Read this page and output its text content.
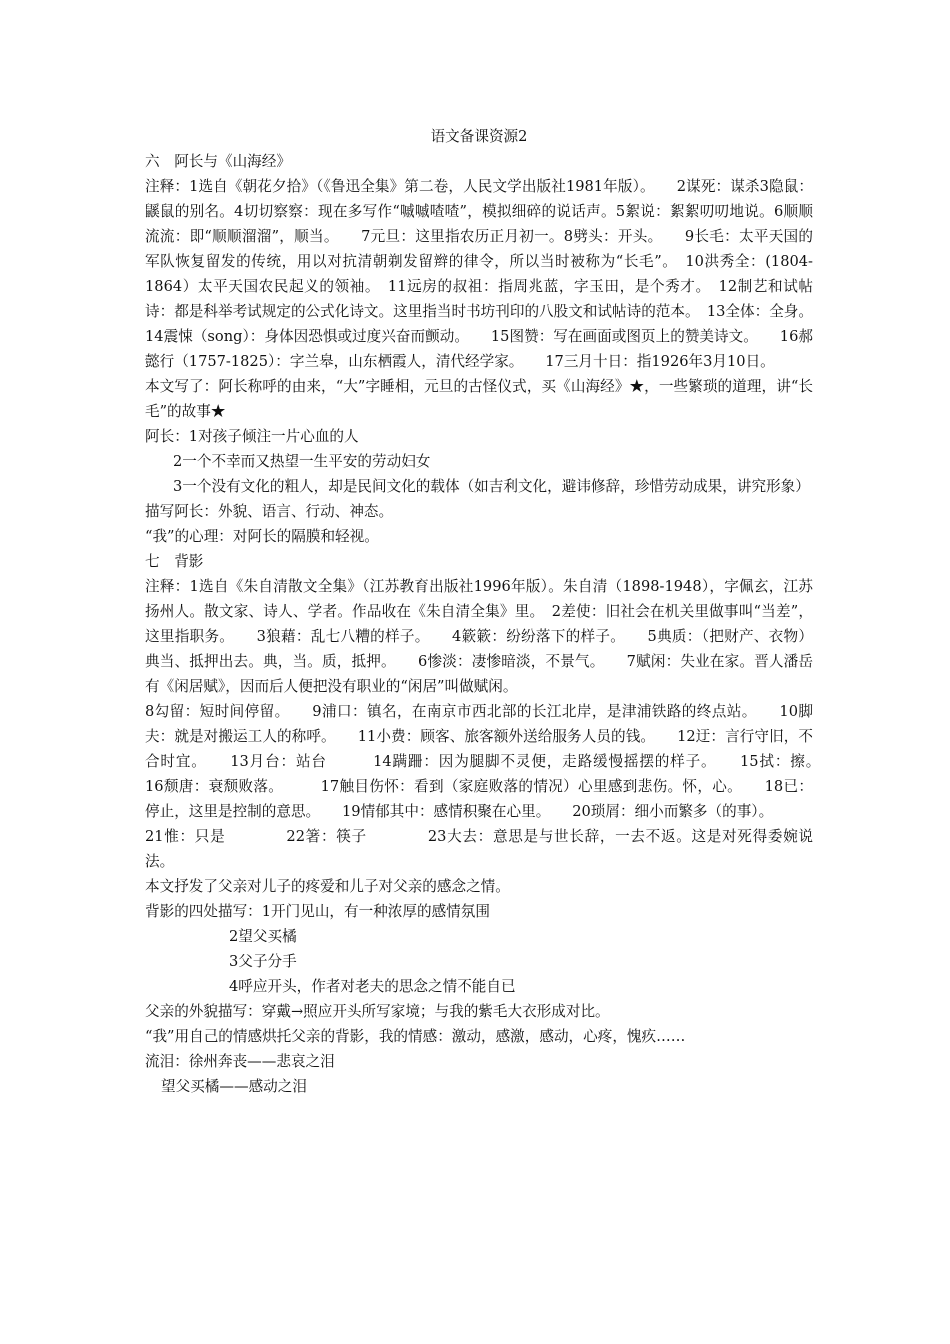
语文备课资源2
六　阿长与《山海经》
注释：1选自《朝花夕拾》（《鲁迅全集》第二卷，人民文学出版社1981年版）。　　2谋死：谋杀3隐鼠：鼷鼠的别名。4切切察察：现在多写作“嘁嘁喳喳”，模拟细碎的说话声。5絮说：絮絮叨叨地说。6顺顺流流：即“顺顺溜溜”，顺当。　　7元旦：这里指农历正月初一。8劈头：开头。　　9长毛：太平天国的军队恢复留发的传统，用以对抗清朝剃发留辫的律令，所以当时被称为“长毛”。　10洪秀全：(1804-1864）太平天国农民起义的领袖。　11远房的叔祖：指周兆蓝，字玉田，是个秀才。　12制艺和试帖诗：都是科举考试规定的公式化诗文。这里指当时书坊刊印的八股文和试帖诗的范本。　13全体：全身。14震悚（song）：身体因恐惧或过度兴奋而颤动。　　15图赞：写在画面或图页上的赞美诗文。　　16郝懿行（1757-1825）：字兰皋，山东栖霞人，清代经学家。　　17三月十日：指1926年3月10日。
本文写了：阿长称呼的由来，“大”字睡相，元旦的古怪仪式，买《山海经》★，一些繁琐的道理，讲“长毛”的故事★
阿长：1对孩子倾注一片心血的人
2一个不幸而又热望一生平安的劳动妇女
3一个没有文化的粗人，却是民间文化的载体（如吉利文化，避讳修辞，珍惜劳动成果，讲究形象）
描写阿长：外貌、语言、行动、神态。
“我”的心理：对阿长的隔膜和轻视。
七　背影
注释：1选自《朱自清散文全集》（江苏教育出版社1996年版）。朱自清（1898-1948），字佩玄，江苏扬州人。散文家、诗人、学者。作品收在《朱自清全集》里。　2差使：旧社会在机关里做事叫“当差”，这里指职务。　　3狼藉：乱七八糟的样子。　　4簌簌：纷纷落下的样子。　　5典质：（把财产、衣物）典当、抵押出去。典，当。质，抵押。　　6惨淡：凄惨暗淡，不景气。　　7赋闲：失业在家。晋人潘岳有《闲居赋》，因而后人便把没有职业的“闲居”叫做赋闲。
8勾留：短时间停留。　　9浦口：镇名，在南京市西北部的长江北岸，是津浦铁路的终点站。　　10脚夫：就是对搬运工人的称呼。　　11小费：顾客、旅客额外送给服务人员的钱。　　12迂：言行守旧，不合时宜。　　13月台：站台　　　14蹒跚：因为腿脚不灵便，走路缓慢摇摆的样子。　　15拭：擦。　　　16颓唐：衰颓败落。　　　17触目伤怀：看到（家庭败落的情况）心里感到悲伤。怀，心。　　18已：停止，这里是控制的意思。　　19情郁其中：感情积聚在心里。　　20琐屑：细小而繁多（的事）。
21惟：只是　　　　22箸：筷子　　　　23大去：意思是与世长辞，一去不返。这是对死得委婉说法。
本文抒发了父亲对儿子的疼爱和儿子对父亲的感念之情。
背影的四处描写：1开门见山，有一种浓厚的感情氛围
2望父买橘
3父子分手
4呼应开头，作者对老夫的思念之情不能自已
父亲的外貌描写：穿戴→照应开头所写家境；与我的紫毛大衣形成对比。
“我”用自己的情感烘托父亲的背影，我的情感：激动，感激，感动，心疼，愧疚……
流泪：徐州奔丧——悲哀之泪
望父买橘——感动之泪
